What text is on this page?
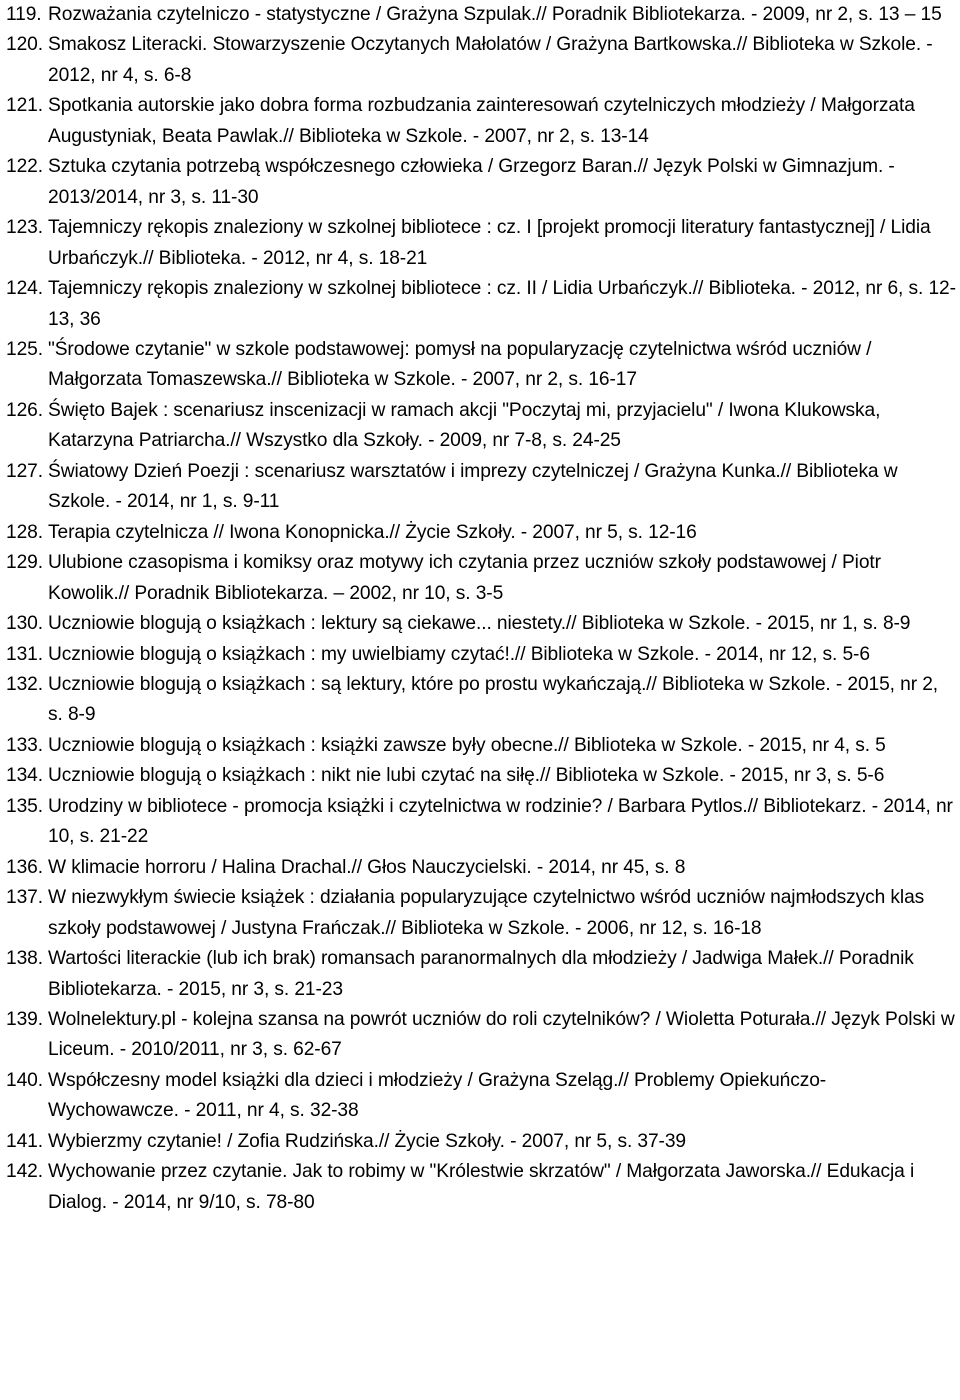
119. Rozważania czytelniczo - statystyczne / Grażyna Szpulak.// Poradnik Bibliotekarza. - 2009, nr 2, s. 13 – 15
120. Smakosz Literacki. Stowarzyszenie Oczytanych Małolatów / Grażyna Bartkowska.// Biblioteka w Szkole. - 2012, nr 4, s. 6-8
121. Spotkania autorskie jako dobra forma rozbudzania zainteresowań czytelniczych młodzieży / Małgorzata Augustyniak, Beata Pawlak.// Biblioteka w Szkole. - 2007, nr 2, s. 13-14
122. Sztuka czytania potrzebą współczesnego człowieka / Grzegorz Baran.// Język Polski w Gimnazjum. - 2013/2014, nr 3, s. 11-30
123. Tajemniczy rękopis znaleziony w szkolnej bibliotece : cz. I [projekt promocji literatury fantastycznej] / Lidia Urbańczyk.// Biblioteka. - 2012, nr 4, s. 18-21
124. Tajemniczy rękopis znaleziony w szkolnej bibliotece : cz. II / Lidia Urbańczyk.// Biblioteka. - 2012, nr 6, s. 12-13, 36
125. "Środowe czytanie" w szkole podstawowej: pomysł na popularyzację czytelnictwa wśród uczniów / Małgorzata Tomaszewska.// Biblioteka w Szkole. - 2007, nr 2, s. 16-17
126. Święto Bajek : scenariusz inscenizacji w ramach akcji "Poczytaj mi, przyjacielu" / Iwona Klukowska, Katarzyna Patriarcha.// Wszystko dla Szkoły. - 2009, nr 7-8, s. 24-25
127. Światowy Dzień Poezji : scenariusz warsztatów i imprezy czytelniczej / Grażyna Kunka.// Biblioteka w Szkole. - 2014, nr 1, s. 9-11
128. Terapia czytelnicza // Iwona Konopnicka.// Życie Szkoły. - 2007, nr 5, s. 12-16
129. Ulubione czasopisma i komiksy oraz motywy ich czytania przez uczniów szkoły podstawowej / Piotr Kowolik.// Poradnik Bibliotekarza. – 2002, nr 10, s. 3-5
130. Uczniowie blogują o książkach : lektury są ciekawe... niestety.// Biblioteka w Szkole. - 2015, nr 1, s. 8-9
131. Uczniowie blogują o książkach : my uwielbiamy czytać!.// Biblioteka w Szkole. - 2014, nr 12, s. 5-6
132. Uczniowie blogują o książkach : są lektury, które po prostu wykańczają.// Biblioteka w Szkole. - 2015, nr 2, s. 8-9
133. Uczniowie blogują o książkach : książki zawsze były obecne.// Biblioteka w Szkole. - 2015, nr 4, s. 5
134. Uczniowie blogują o książkach : nikt nie lubi czytać na siłę.// Biblioteka w Szkole. - 2015, nr 3, s. 5-6
135. Urodziny w bibliotece - promocja książki i czytelnictwa w rodzinie? / Barbara Pytlos.// Bibliotekarz. - 2014, nr 10, s. 21-22
136. W klimacie horroru / Halina Drachal.// Głos Nauczycielski. - 2014, nr 45, s. 8
137. W niezwykłym świecie książek : działania popularyzujące czytelnictwo wśród uczniów najmłodszych klas szkoły podstawowej / Justyna Frańczak.// Biblioteka w Szkole. - 2006, nr 12, s. 16-18
138. Wartości literackie (lub ich brak) romansach paranormalnych dla młodzieży / Jadwiga Małek.// Poradnik Bibliotekarza. - 2015, nr 3, s. 21-23
139. Wolnelektury.pl - kolejna szansa na powrót uczniów do roli czytelników? / Wioletta Poturała.// Język Polski w Liceum. - 2010/2011, nr 3, s. 62-67
140. Współczesny model książki dla dzieci i młodzieży / Grażyna Szeląg.// Problemy Opiekuńczo-Wychowawcze. - 2011, nr 4, s. 32-38
141. Wybierzmy czytanie! / Zofia Rudzińska.// Życie Szkoły. - 2007, nr 5, s. 37-39
142. Wychowanie przez czytanie. Jak to robimy w "Królestwie skrzatów" / Małgorzata Jaworska.// Edukacja i Dialog. - 2014, nr 9/10, s. 78-80
